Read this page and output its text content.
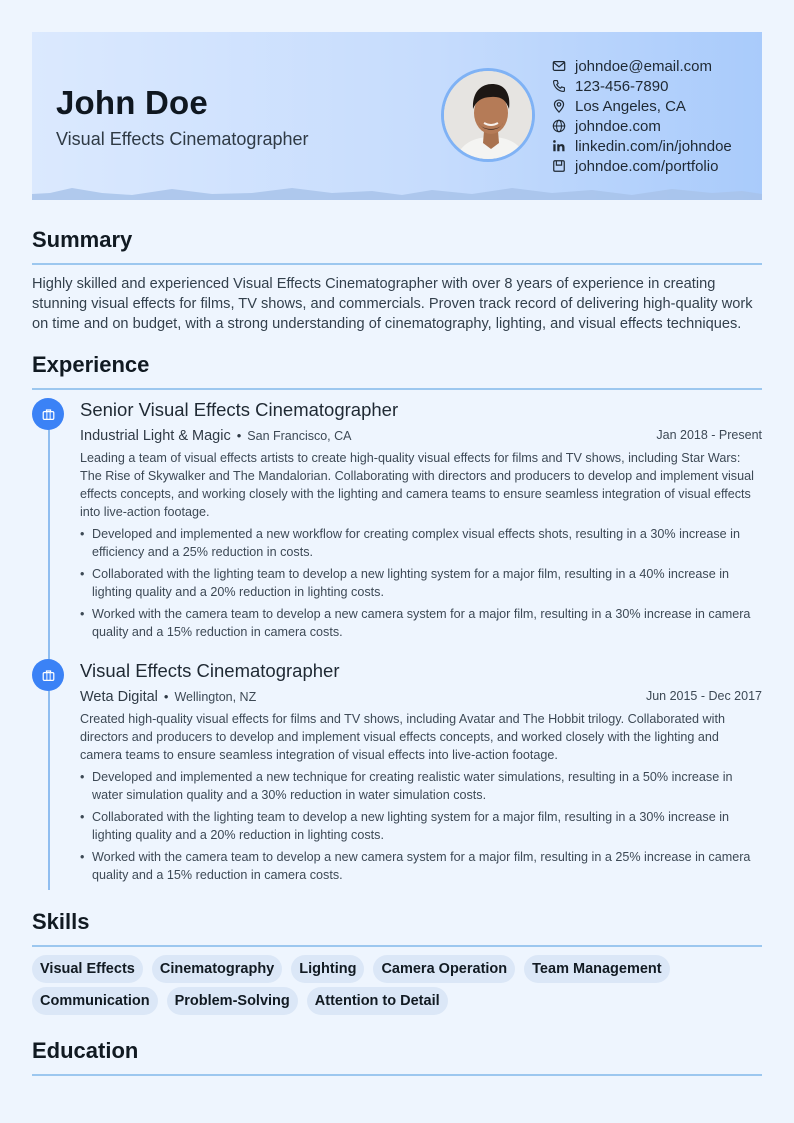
John Doe
Visual Effects Cinematographer
johndoe@email.com
123-456-7890
Los Angeles, CA
johndoe.com
linkedin.com/in/johndoe
johndoe.com/portfolio
Summary
Highly skilled and experienced Visual Effects Cinematographer with over 8 years of experience in creating stunning visual effects for films, TV shows, and commercials. Proven track record of delivering high-quality work on time and on budget, with a strong understanding of cinematography, lighting, and visual effects techniques.
Experience
Senior Visual Effects Cinematographer
Industrial Light & Magic • San Francisco, CA	Jan 2018 - Present

Leading a team of visual effects artists to create high-quality visual effects for films and TV shows, including Star Wars: The Rise of Skywalker and The Mandalorian. Collaborating with directors and producers to develop and implement visual effects concepts, and working closely with the lighting and camera teams to ensure seamless integration of visual effects into live-action footage.

• Developed and implemented a new workflow for creating complex visual effects shots, resulting in a 30% increase in efficiency and a 25% reduction in costs.
• Collaborated with the lighting team to develop a new lighting system for a major film, resulting in a 40% increase in lighting quality and a 20% reduction in lighting costs.
• Worked with the camera team to develop a new camera system for a major film, resulting in a 30% increase in camera quality and a 15% reduction in camera costs.
Visual Effects Cinematographer
Weta Digital • Wellington, NZ	Jun 2015 - Dec 2017

Created high-quality visual effects for films and TV shows, including Avatar and The Hobbit trilogy. Collaborated with directors and producers to develop and implement visual effects concepts, and worked closely with the lighting and camera teams to ensure seamless integration of visual effects into live-action footage.

• Developed and implemented a new technique for creating realistic water simulations, resulting in a 50% increase in water simulation quality and a 30% reduction in water simulation costs.
• Collaborated with the lighting team to develop a new lighting system for a major film, resulting in a 30% increase in lighting quality and a 20% reduction in lighting costs.
• Worked with the camera team to develop a new camera system for a major film, resulting in a 25% increase in camera quality and a 15% reduction in camera costs.
Skills
Visual Effects	Cinematography	Lighting	Camera Operation	Team Management
Communication	Problem-Solving	Attention to Detail
Education
